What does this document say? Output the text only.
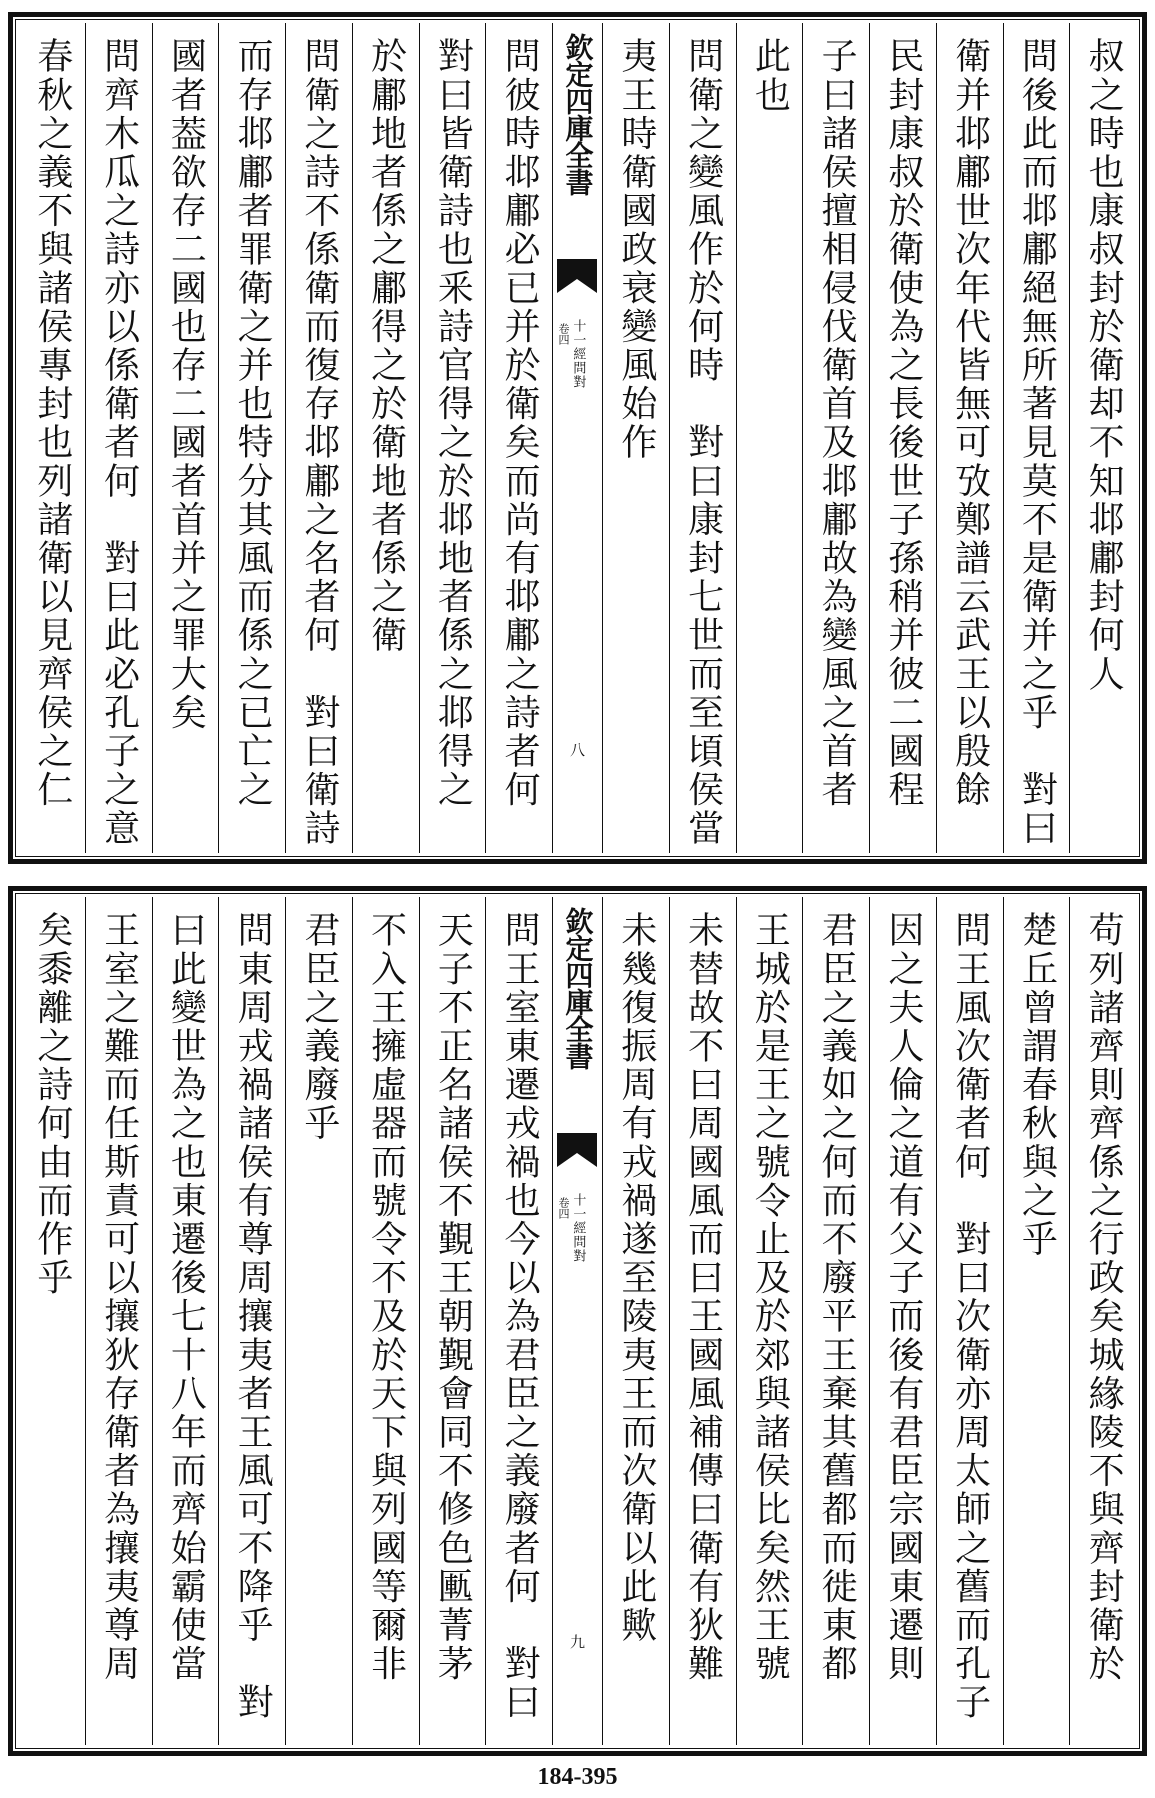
叔之時也康叔封於衛却不知邶鄘封何人
問後此而邶鄘絕無所著見莫不是衛并之乎　對曰
衛并邶鄘世次年代皆無可攷鄭譜云武王以殷餘
民封康叔於衛使為之長後世子孫稍并彼二國程
子曰諸侯擅相侵伐衛首及邶鄘故為變風之首者
此也
問衛之變風作於何時　對曰康封七世而至頃侯當
夷王時衛國政衰變風始作
欽定四庫全書
十一經問對
卷四
八
問彼時邶鄘必已并於衛矣而尚有邶鄘之詩者何
對曰皆衛詩也釆詩官得之於邶地者係之邶得之
於鄘地者係之鄘得之於衛地者係之衛
問衛之詩不係衛而復存邶鄘之名者何　對曰衛詩
而存邶鄘者罪衛之并也特分其風而係之已亡之
國者葢欲存二國也存二國者首并之罪大矣
問齊木瓜之詩亦以係衛者何　對曰此必孔子之意
春秋之義不與諸侯專封也列諸衛以見齊侯之仁
苟列諸齊則齊係之行政矣城緣陵不與齊封衛於
楚丘曾謂春秋與之乎
問王風次衛者何　對曰次衛亦周太師之舊而孔子
因之夫人倫之道有父子而後有君臣宗國東遷則
君臣之義如之何而不廢平王棄其舊都而徙東都
王城於是王之號令止及於郊與諸侯比矣然王號
未替故不曰周國風而曰王國風補傳曰衛有狄難
未幾復振周有戎禍遂至陵夷王而次衛以此歟
欽定四庫全書
十一經問對
卷四
九
問王室東遷戎禍也今以為君臣之義廢者何　對曰
天子不正名諸侯不覲王朝覲會同不修色匭菁茅
不入王擁虛器而號令不及於天下與列國等爾非
君臣之義廢乎
問東周戎禍諸侯有尊周攘夷者王風可不降乎　對
曰此變世為之也東遷後七十八年而齊始霸使當
王室之難而任斯責可以攘狄存衛者為攘夷尊周
矣黍離之詩何由而作乎
184-395
